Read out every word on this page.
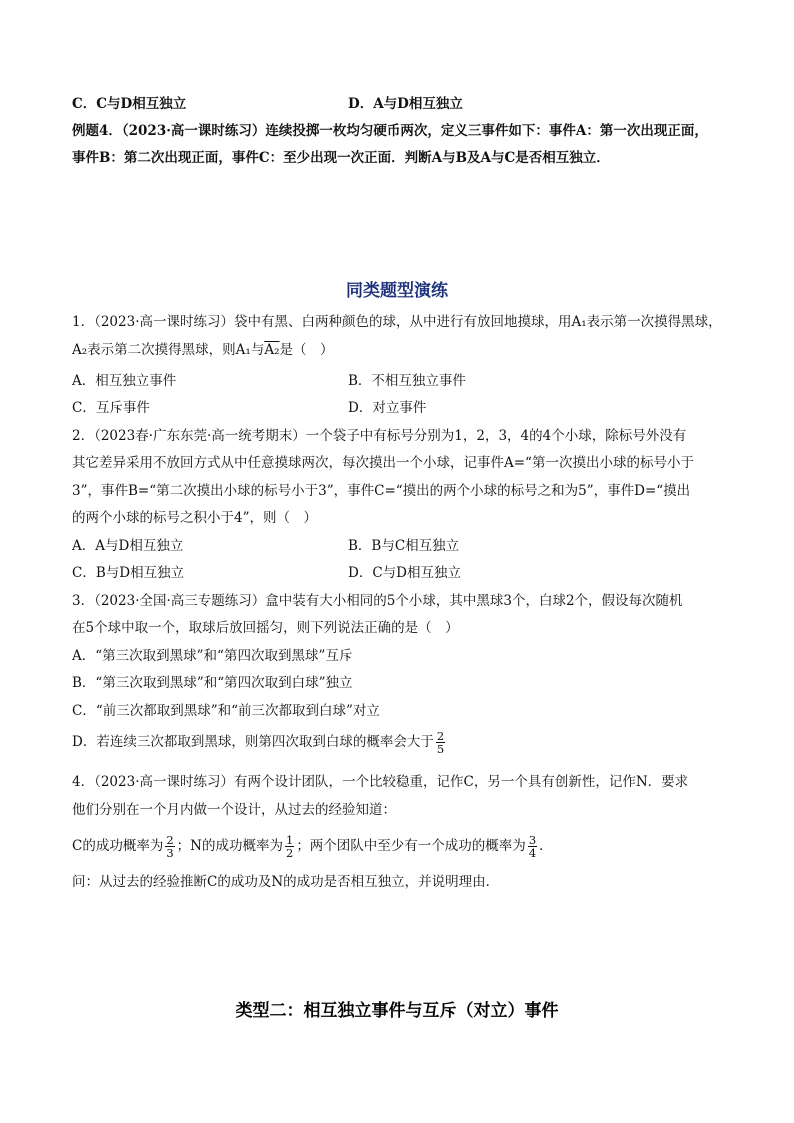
C．C与D相互独立	D．A与D相互独立
例题4．（2023·高一课时练习）连续投掷一枚均匀硬币两次，定义三事件如下：事件A：第一次出现正面，
事件B：第二次出现正面，事件C：至少出现一次正面．判断A与B及A与C是否相互独立．
同类题型演练
1．（2023·高一课时练习）袋中有黑、白两种颜色的球，从中进行有放回地摸球，用A₁表示第一次摸得黑球，
A₂表示第二次摸得黑球，则A₁与A₂是（　）
A．相互独立事件	B．不相互独立事件
C．互斥事件	D．对立事件
2．（2023春·广东东莞·高一统考期末）一个袋子中有标号分别为1，2，3，4的4个小球，除标号外没有
其它差异采用不放回方式从中任意摸球两次，每次摸出一个小球，记事件A=“第一次摸出小球的标号小于
3”，事件B=“第二次摸出小球的标号小于3”，事件C=“摸出的两个小球的标号之和为5”，事件D=“摸出
的两个小球的标号之积小于4”，则（　）
A．A与D相互独立	B．B与C相互独立
C．B与D相互独立	D．C与D相互独立
3．（2023·全国·高三专题练习）盒中装有大小相同的5个小球，其中黑球3个，白球2个，假设每次随机
在5个球中取一个，取球后放回摇匀，则下列说法正确的是（　）
A．“第三次取到黑球”和“第四次取到黑球”互斥
B．“第三次取到黑球”和“第四次取到白球”独立
C．“前三次都取到黑球”和“前三次都取到白球”对立
D．若连续三次都取到黑球，则第四次取到白球的概率会大于 $\frac{2}{5}$
4．（2023·高一课时练习）有两个设计团队，一个比较稳重，记作C，另一个具有创新性，记作N．要求
他们分别在一个月内做一个设计，从过去的经验知道：
C的成功概率为 $\frac{2}{3}$ ；N的成功概率为 $\frac{1}{2}$ ；两个团队中至少有一个成功的概率为 $\frac{3}{4}$ ．
问：从过去的经验推断C的成功及N的成功是否相互独立，并说明理由．
类型二：相互独立事件与互斥（对立）事件
